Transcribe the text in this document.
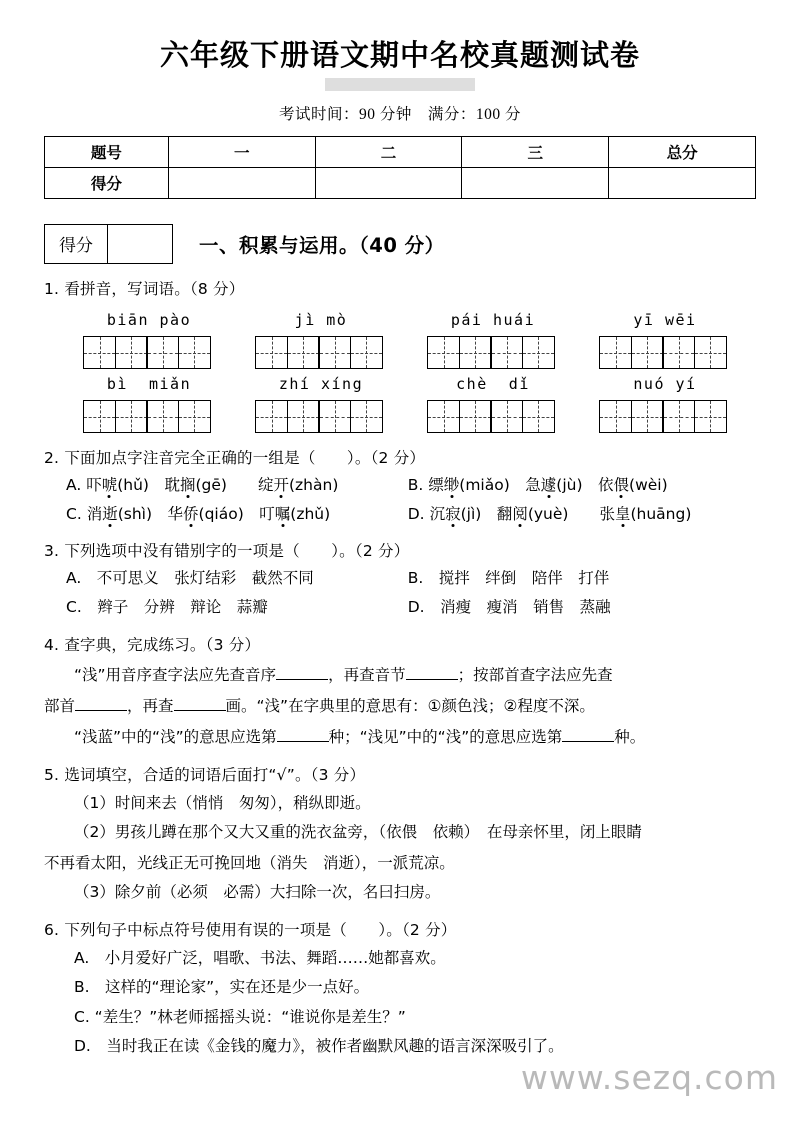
六年级下册语文期中名校真题测试卷
考试时间：90 分钟　满分：100 分
题号	一	二	三	总分
得分				
得分	一、积累与运用。（40 分）
1. 看拼音，写词语。（8 分）
biān pào	jì mò	pái huái	yī wēi
bì  miǎn	zhí xíng	chè  dǐ	nuó yí
2. 下面加点字注音完全正确的一组是（　　）。（2 分）
A. 吓唬(hǔ)　耽搁(gē)　　绽开(zhàn)	B. 缥缈(miǎo)　急遽(jù)　依偎(wèi)
C. 消逝(shì)　华侨(qiáo)　叮嘱(zhǔ)	D. 沉寂(jì)　翻阅(yuè)　　张皇(huāng)
3. 下列选项中没有错别字的一项是（　　）。（2 分）
A.　不可思义　张灯结彩　截然不同	B.　搅拌　绊倒　陪伴　打伴
C.　辫子　分辨　辩论　蒜瓣	D.　消瘦　瘦消　销售　蒸融
4. 查字典，完成练习。（3 分）
“浅”用音序查字法应先查音序	，再查音节	；按部首查字法应先查
部首	，再查	画。“浅”在字典里的意思有：①颜色浅；②程度不深。
“浅蓝”中的“浅”的意思应选第	种；“浅见”中的“浅”的意思应选第	种。
5. 选词填空，合适的词语后面打“√”。（3 分）
（1）时间来去（悄悄　匆匆），稍纵即逝。
（2）男孩儿蹲在那个又大又重的洗衣盆旁，（依偎　依赖）　在母亲怀里，闭上眼睛
不再看太阳，光线正无可挽回地（消失　消逝），一派荒凉。
（3）除夕前（必须　必需）大扫除一次，名曰扫房。
6. 下列句子中标点符号使用有误的一项是（　　）。（2 分）
A.　小月爱好广泛，唱歌、书法、舞蹈……她都喜欢。
B.　这样的“理论家”，实在还是少一点好。
C. “差生？”林老师摇摇头说：“谁说你是差生？”
D.　当时我正在读《金钱的魔力》，被作者幽默风趣的语言深深吸引了。
www.sezq.com
